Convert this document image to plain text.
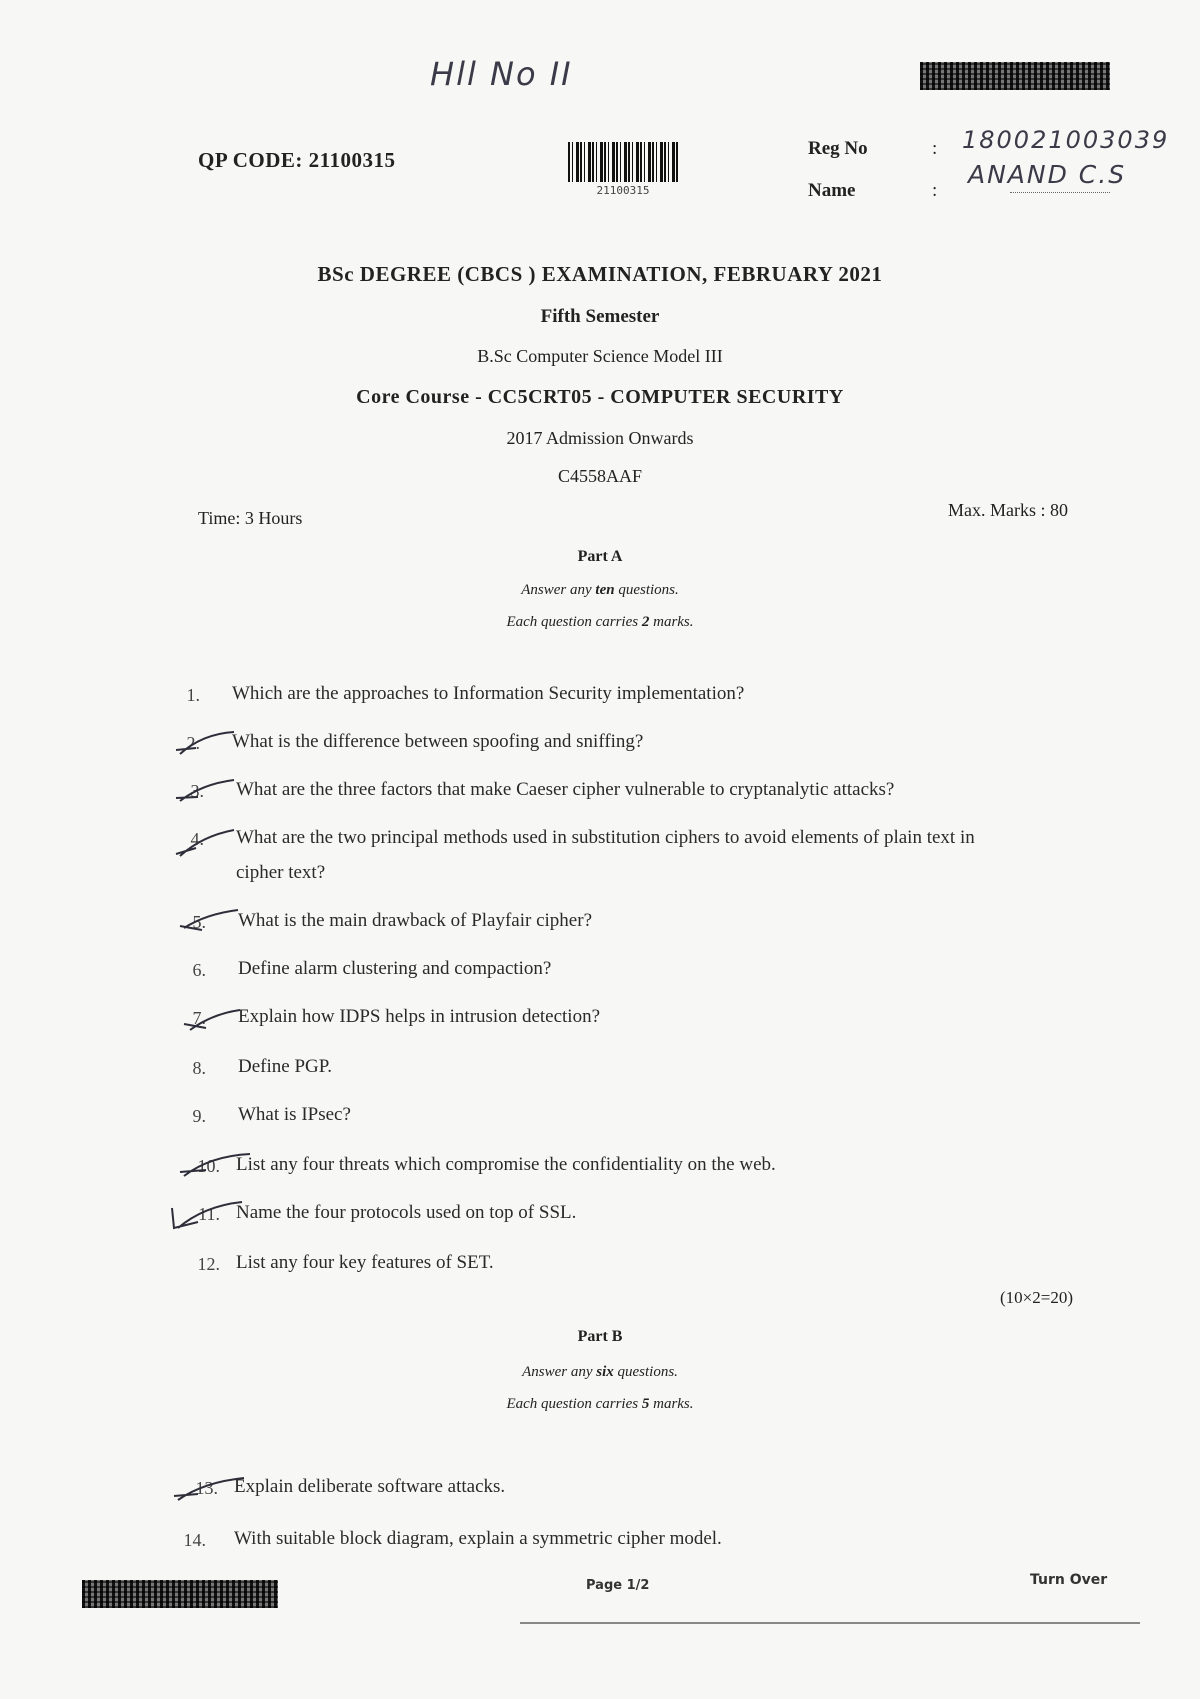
Hll No II
QP CODE: 21100315
21100315
Reg No	: 180021003039
Name	:
ANAND C.S
BSc DEGREE (CBCS ) EXAMINATION, FEBRUARY 2021
Fifth Semester
B.Sc Computer Science Model III
Core Course - CC5CRT05 - COMPUTER SECURITY
2017 Admission Onwards
C4558AAF
Time: 3 Hours	Max. Marks : 80
Part A
Answer any ten questions.
Each question carries 2 marks.
1. Which are the approaches to Information Security implementation?
2. What is the difference between spoofing and sniffing?
3. What are the three factors that make Caeser cipher vulnerable to cryptanalytic attacks?
4. What are the two principal methods used in substitution ciphers to avoid elements of plain text in
cipher text?
5. What is the main drawback of Playfair cipher?
6. Define alarm clustering and compaction?
7. Explain how IDPS helps in intrusion detection?
8. Define PGP.
9. What is IPsec?
10. List any four threats which compromise the confidentiality on the web.
11. Name the four protocols used on top of SSL.
12. List any four key features of SET.
(10×2=20)
Part B
Answer any six questions.
Each question carries 5 marks.
13. Explain deliberate software attacks.
14. With suitable block diagram, explain a symmetric cipher model.
Page 1/2	Turn Over
